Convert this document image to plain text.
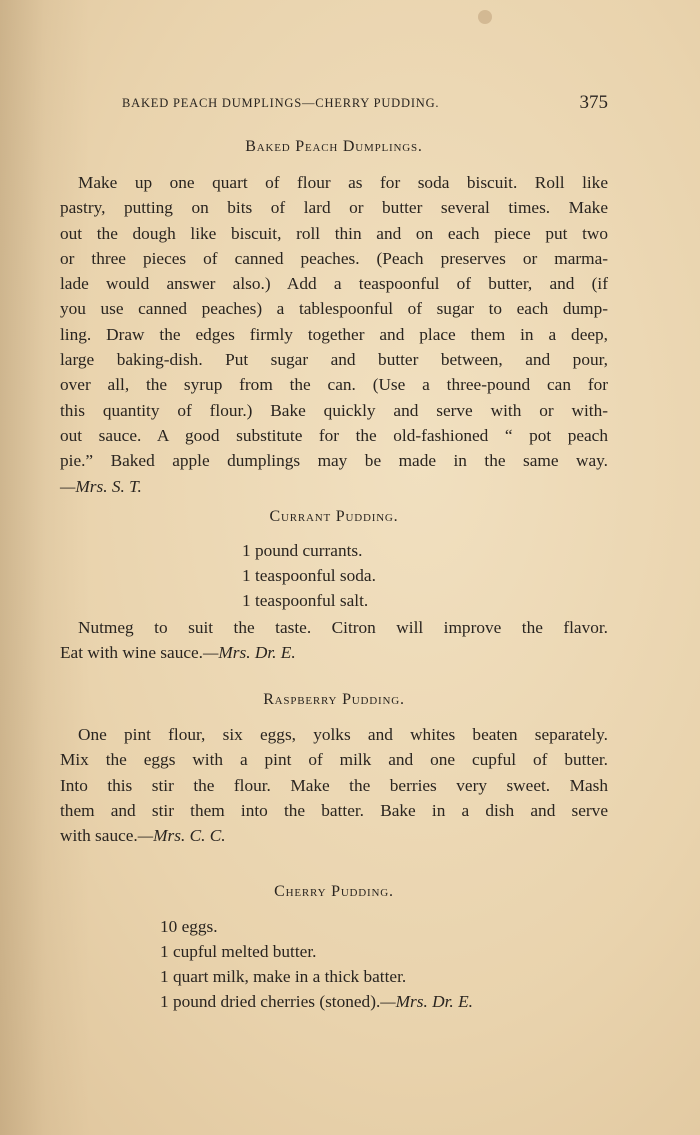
BAKED PEACH DUMPLINGS—CHERRY PUDDING.	375
Baked Peach Dumplings.
Make up one quart of flour as for soda biscuit. Roll like
pastry, putting on bits of lard or butter several times. Make
out the dough like biscuit, roll thin and on each piece put two
or three pieces of canned peaches. (Peach preserves or marma-
lade would answer also.) Add a teaspoonful of butter, and (if
you use canned peaches) a tablespoonful of sugar to each dump-
ling. Draw the edges firmly together and place them in a deep,
large baking-dish. Put sugar and butter between, and pour,
over all, the syrup from the can. (Use a three-pound can for
this quantity of flour.) Bake quickly and serve with or with-
out sauce. A good substitute for the old-fashioned “ pot peach
pie.” Baked apple dumplings may be made in the same way.
—Mrs. S. T.
Currant Pudding.
1 pound currants.
1 teaspoonful soda.
1 teaspoonful salt.
Nutmeg to suit the taste. Citron will improve the flavor.
Eat with wine sauce.—Mrs. Dr. E.
Raspberry Pudding.
One pint flour, six eggs, yolks and whites beaten separately.
Mix the eggs with a pint of milk and one cupful of butter.
Into this stir the flour. Make the berries very sweet. Mash
them and stir them into the batter. Bake in a dish and serve
with sauce.—Mrs. C. C.
Cherry Pudding.
10 eggs.
1 cupful melted butter.
1 quart milk, make in a thick batter.
1 pound dried cherries (stoned).—Mrs. Dr. E.
